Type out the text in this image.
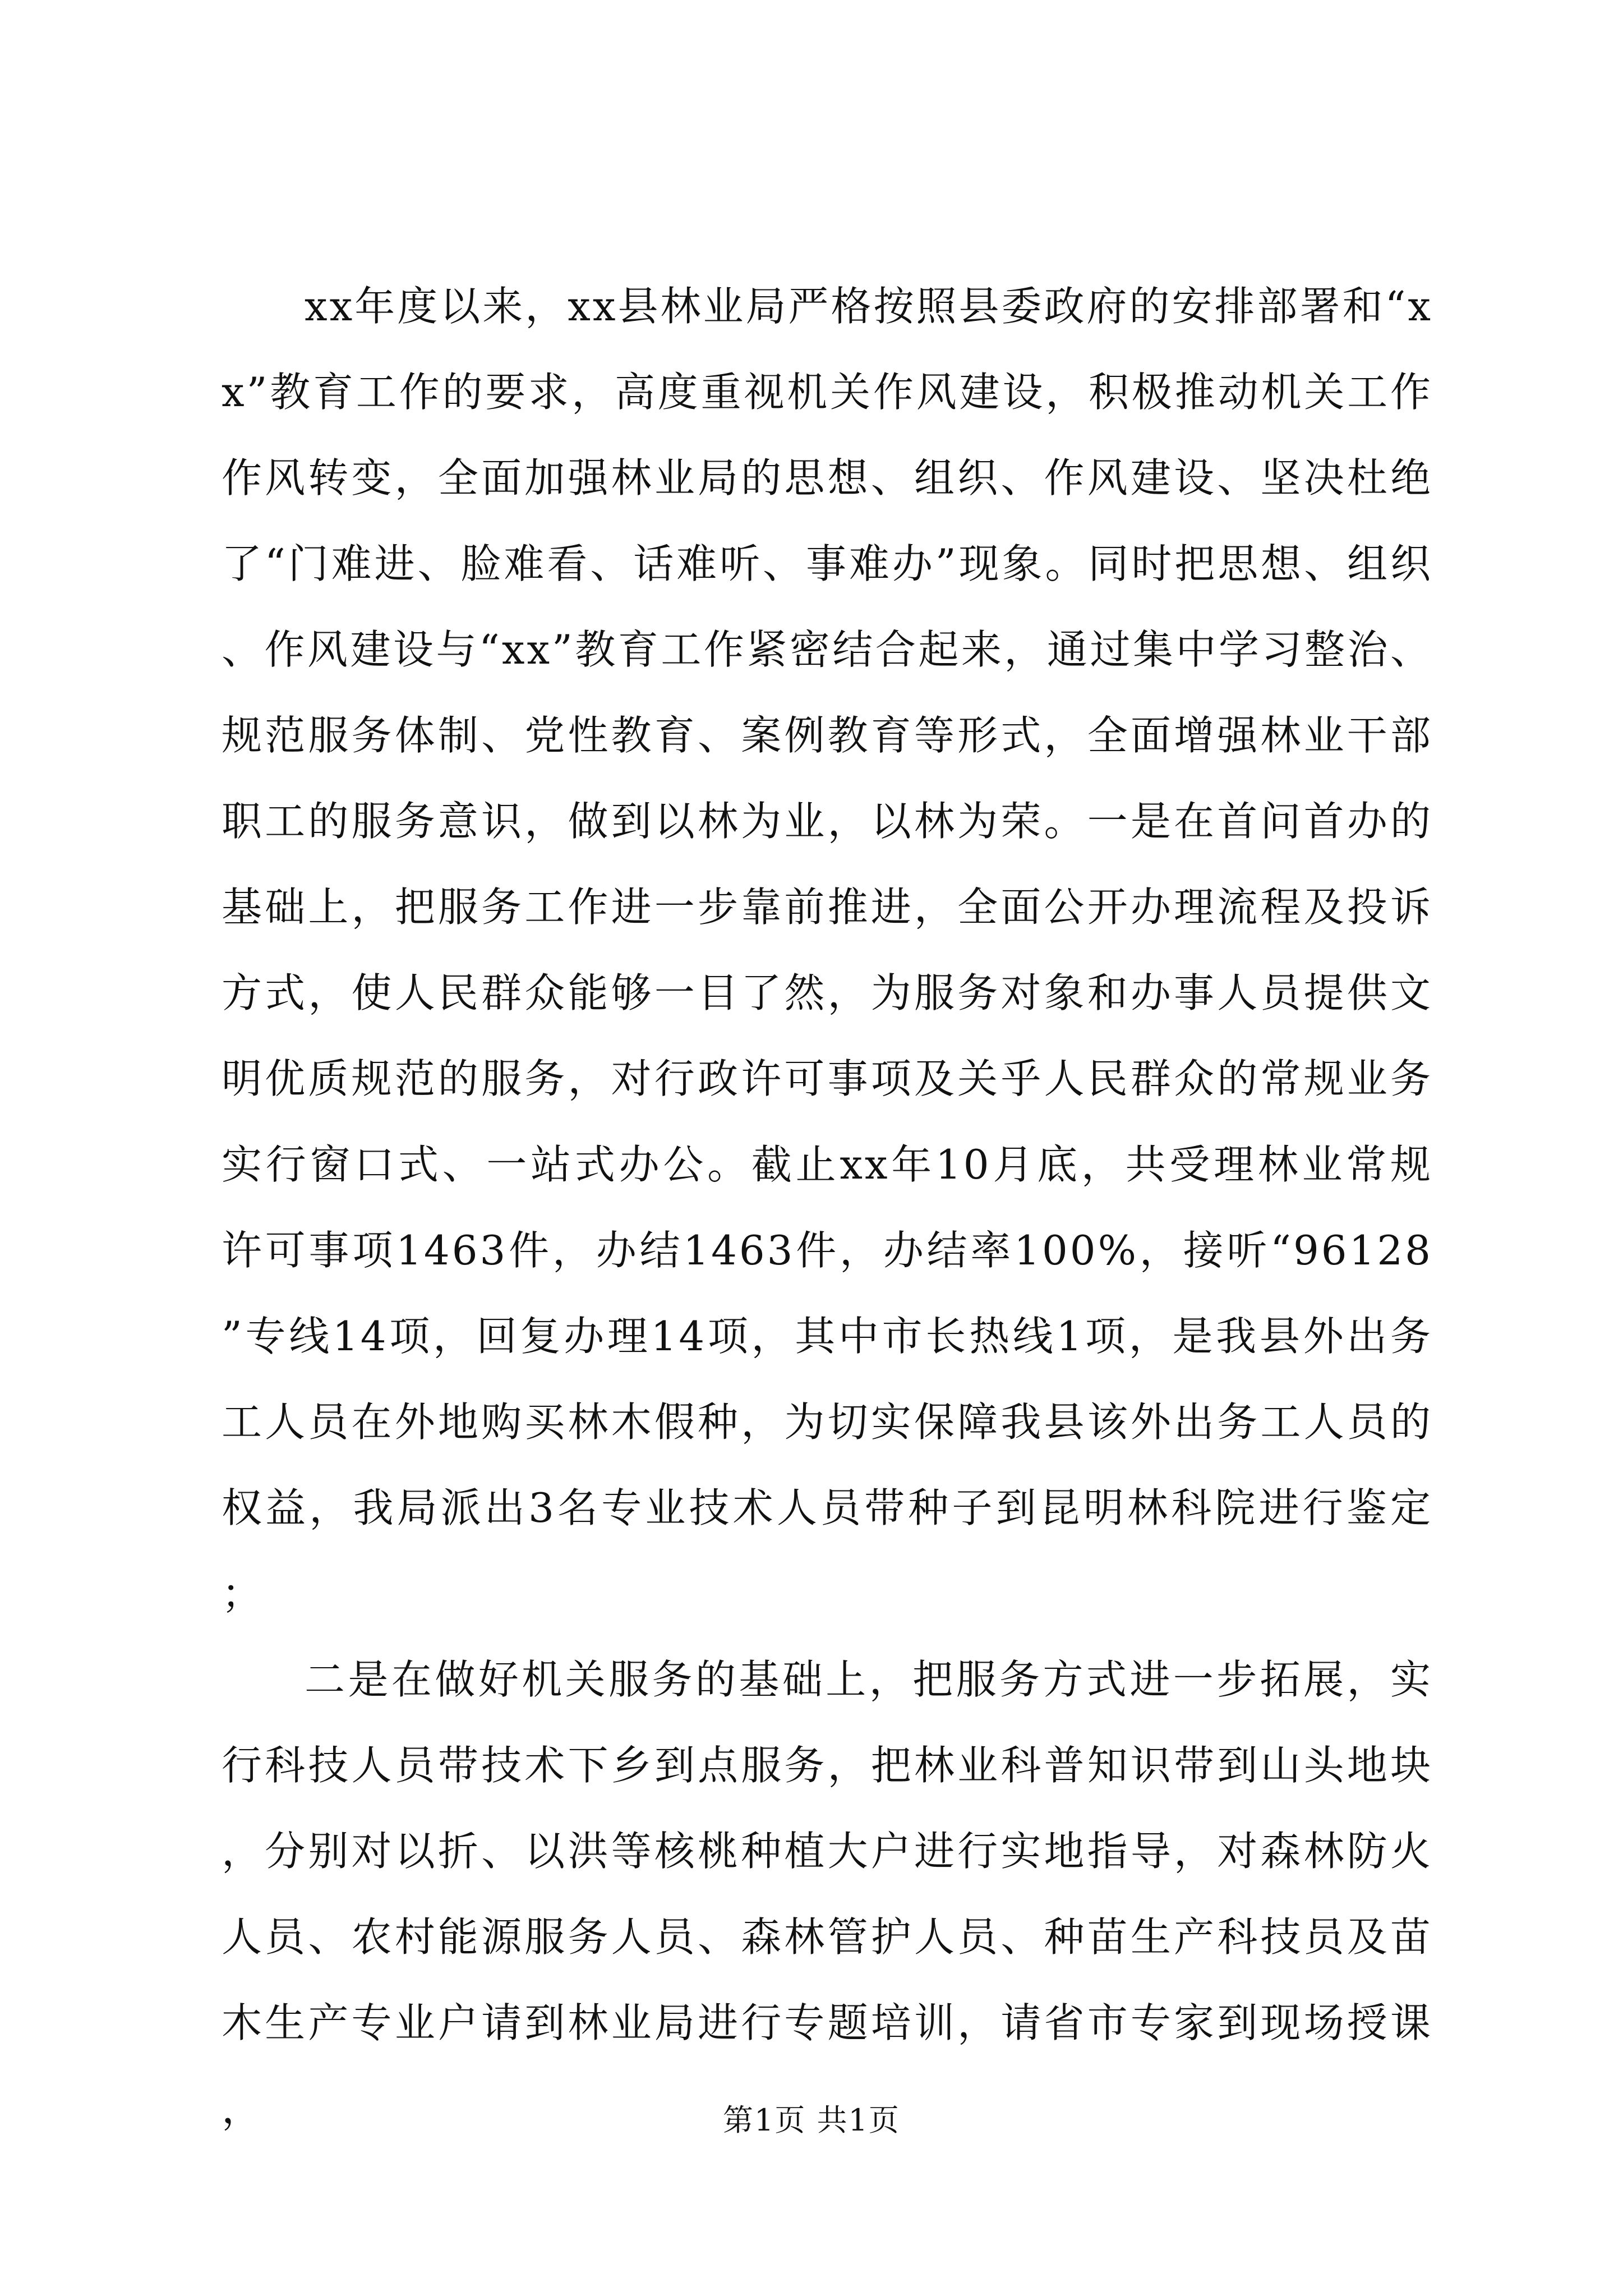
xx年度以来，xx县林业局严格按照县委政府的安排部署和“xx”教育工作的要求，高度重视机关作风建设，积极推动机关工作作风转变，全面加强林业局的思想、组织、作风建设、坚决杜绝了“门难进、脸难看、话难听、事难办”现象。同时把思想、组织、作风建设与“xx”教育工作紧密结合起来，通过集中学习整治、规范服务体制、党性教育、案例教育等形式，全面增强林业干部职工的服务意识，做到以林为业，以林为荣。一是在首问首办的基础上，把服务工作进一步靠前推进，全面公开办理流程及投诉方式，使人民群众能够一目了然，为服务对象和办事人员提供文明优质规范的服务，对行政许可事项及关乎人民群众的常规业务实行窗口式、一站式办公。截止xx年10月底，共受理林业常规许可事项1463件，办结1463件，办结率100%，接听“96128”专线14项，回复办理14项，其中市长热线1项，是我县外出务工人员在外地购买林木假种，为切实保障我县该外出务工人员的权益，我局派出3名专业技术人员带种子到昆明林科院进行鉴定；

二是在做好机关服务的基础上，把服务方式进一步拓展，实行科技人员带技术下乡到点服务，把林业科普知识带到山头地块，分别对以折、以洪等核桃种植大户进行实地指导，对森林防火人员、农村能源服务人员、森林管护人员、种苗生产科技员及苗木生产专业户请到林业局进行专题培训，请省市专家到现场授课，	第1页 共1页
